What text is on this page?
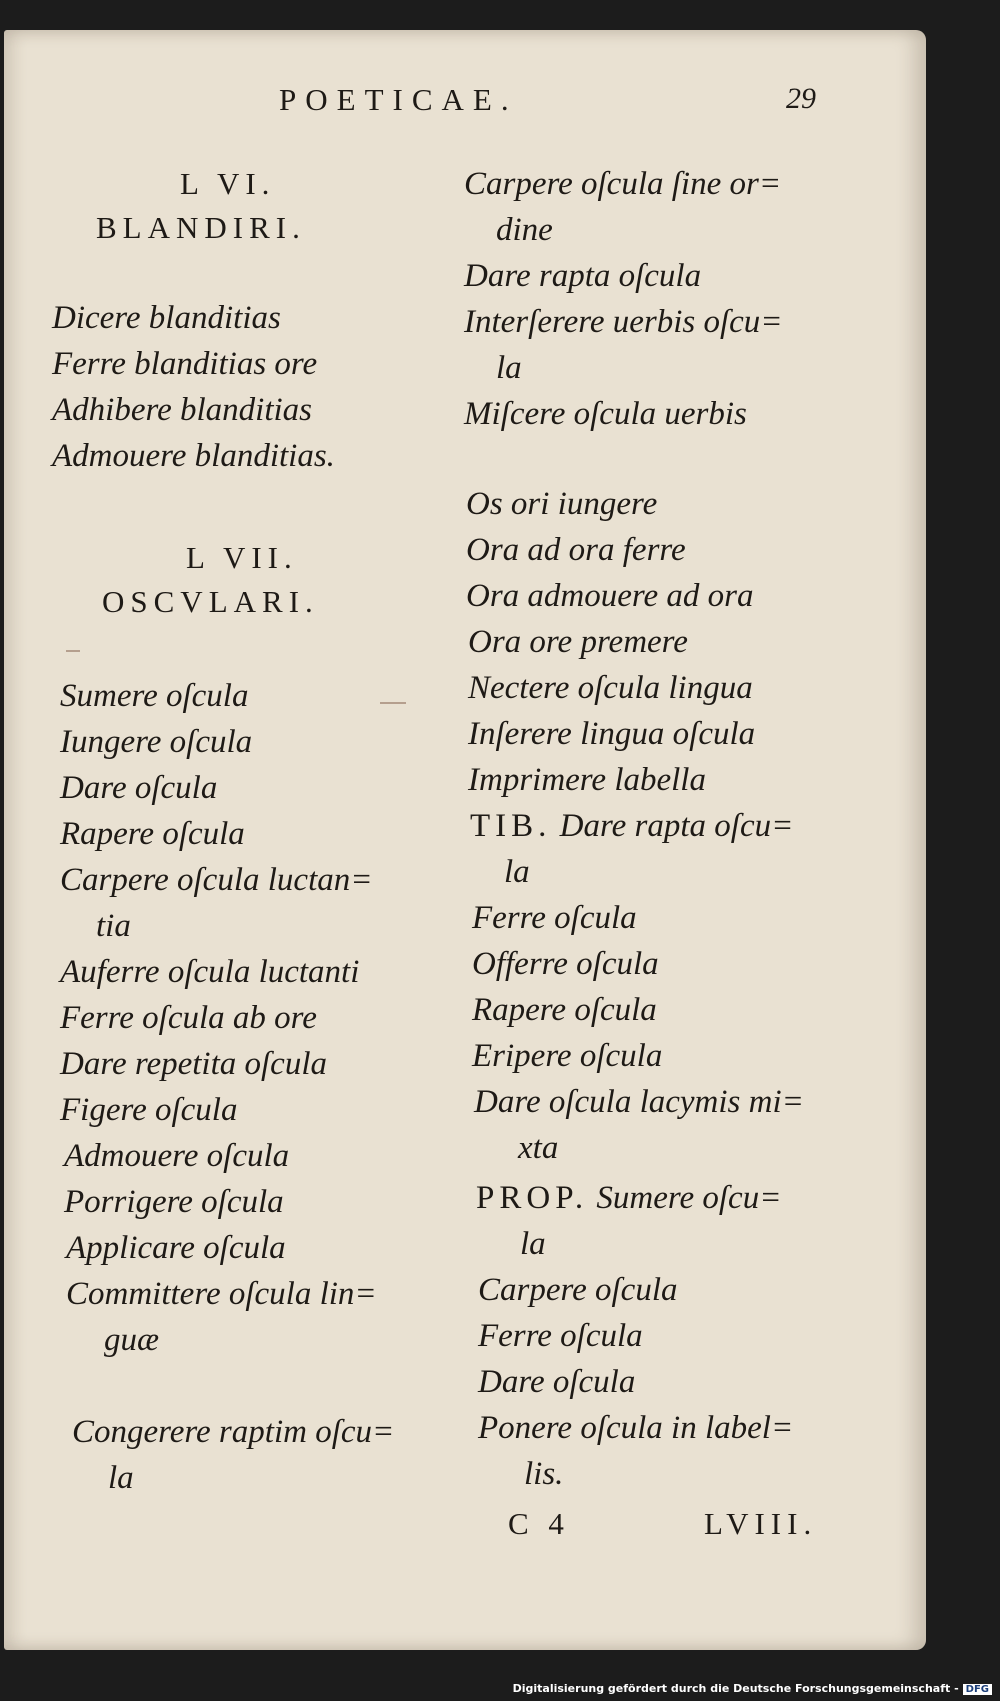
POETICAE.	29
L VI.
BLANDIRI.
Dicere blanditias
Ferre blanditias ore
Adhibere blanditias
Admouere blanditias.
L VII.
OSCVLARI.
Sumere oſcula
Iungere oſcula
Dare oſcula
Rapere oſcula
Carpere oſcula luctan=
tia
Auferre oſcula luctanti
Ferre oſcula ab ore
Dare repetita oſcula
Figere oſcula
Admouere oſcula
Porrigere oſcula
Applicare oſcula
Committere oſcula lin=
guæ
Congerere raptim oſcu=
la
Carpere oſcula ſine or=
dine
Dare rapta oſcula
Interſerere uerbis oſcu=
la
Miſcere oſcula uerbis
Os ori iungere
Ora ad ora ferre
Ora admouere ad ora
Ora ore premere
Nectere oſcula lingua
Inſerere lingua oſcula
Imprimere labella
TIB. Dare rapta oſcu=
la
Ferre oſcula
Offerre oſcula
Rapere oſcula
Eripere oſcula
Dare oſcula lacymis mi=
xta
PROP. Sumere oſcu=
la
Carpere oſcula
Ferre oſcula
Dare oſcula
Ponere oſcula in label=
lis.
C 4	LVIII.
Digitalisierung gefördert durch die Deutsche Forschungsgemeinschaft - DFG
